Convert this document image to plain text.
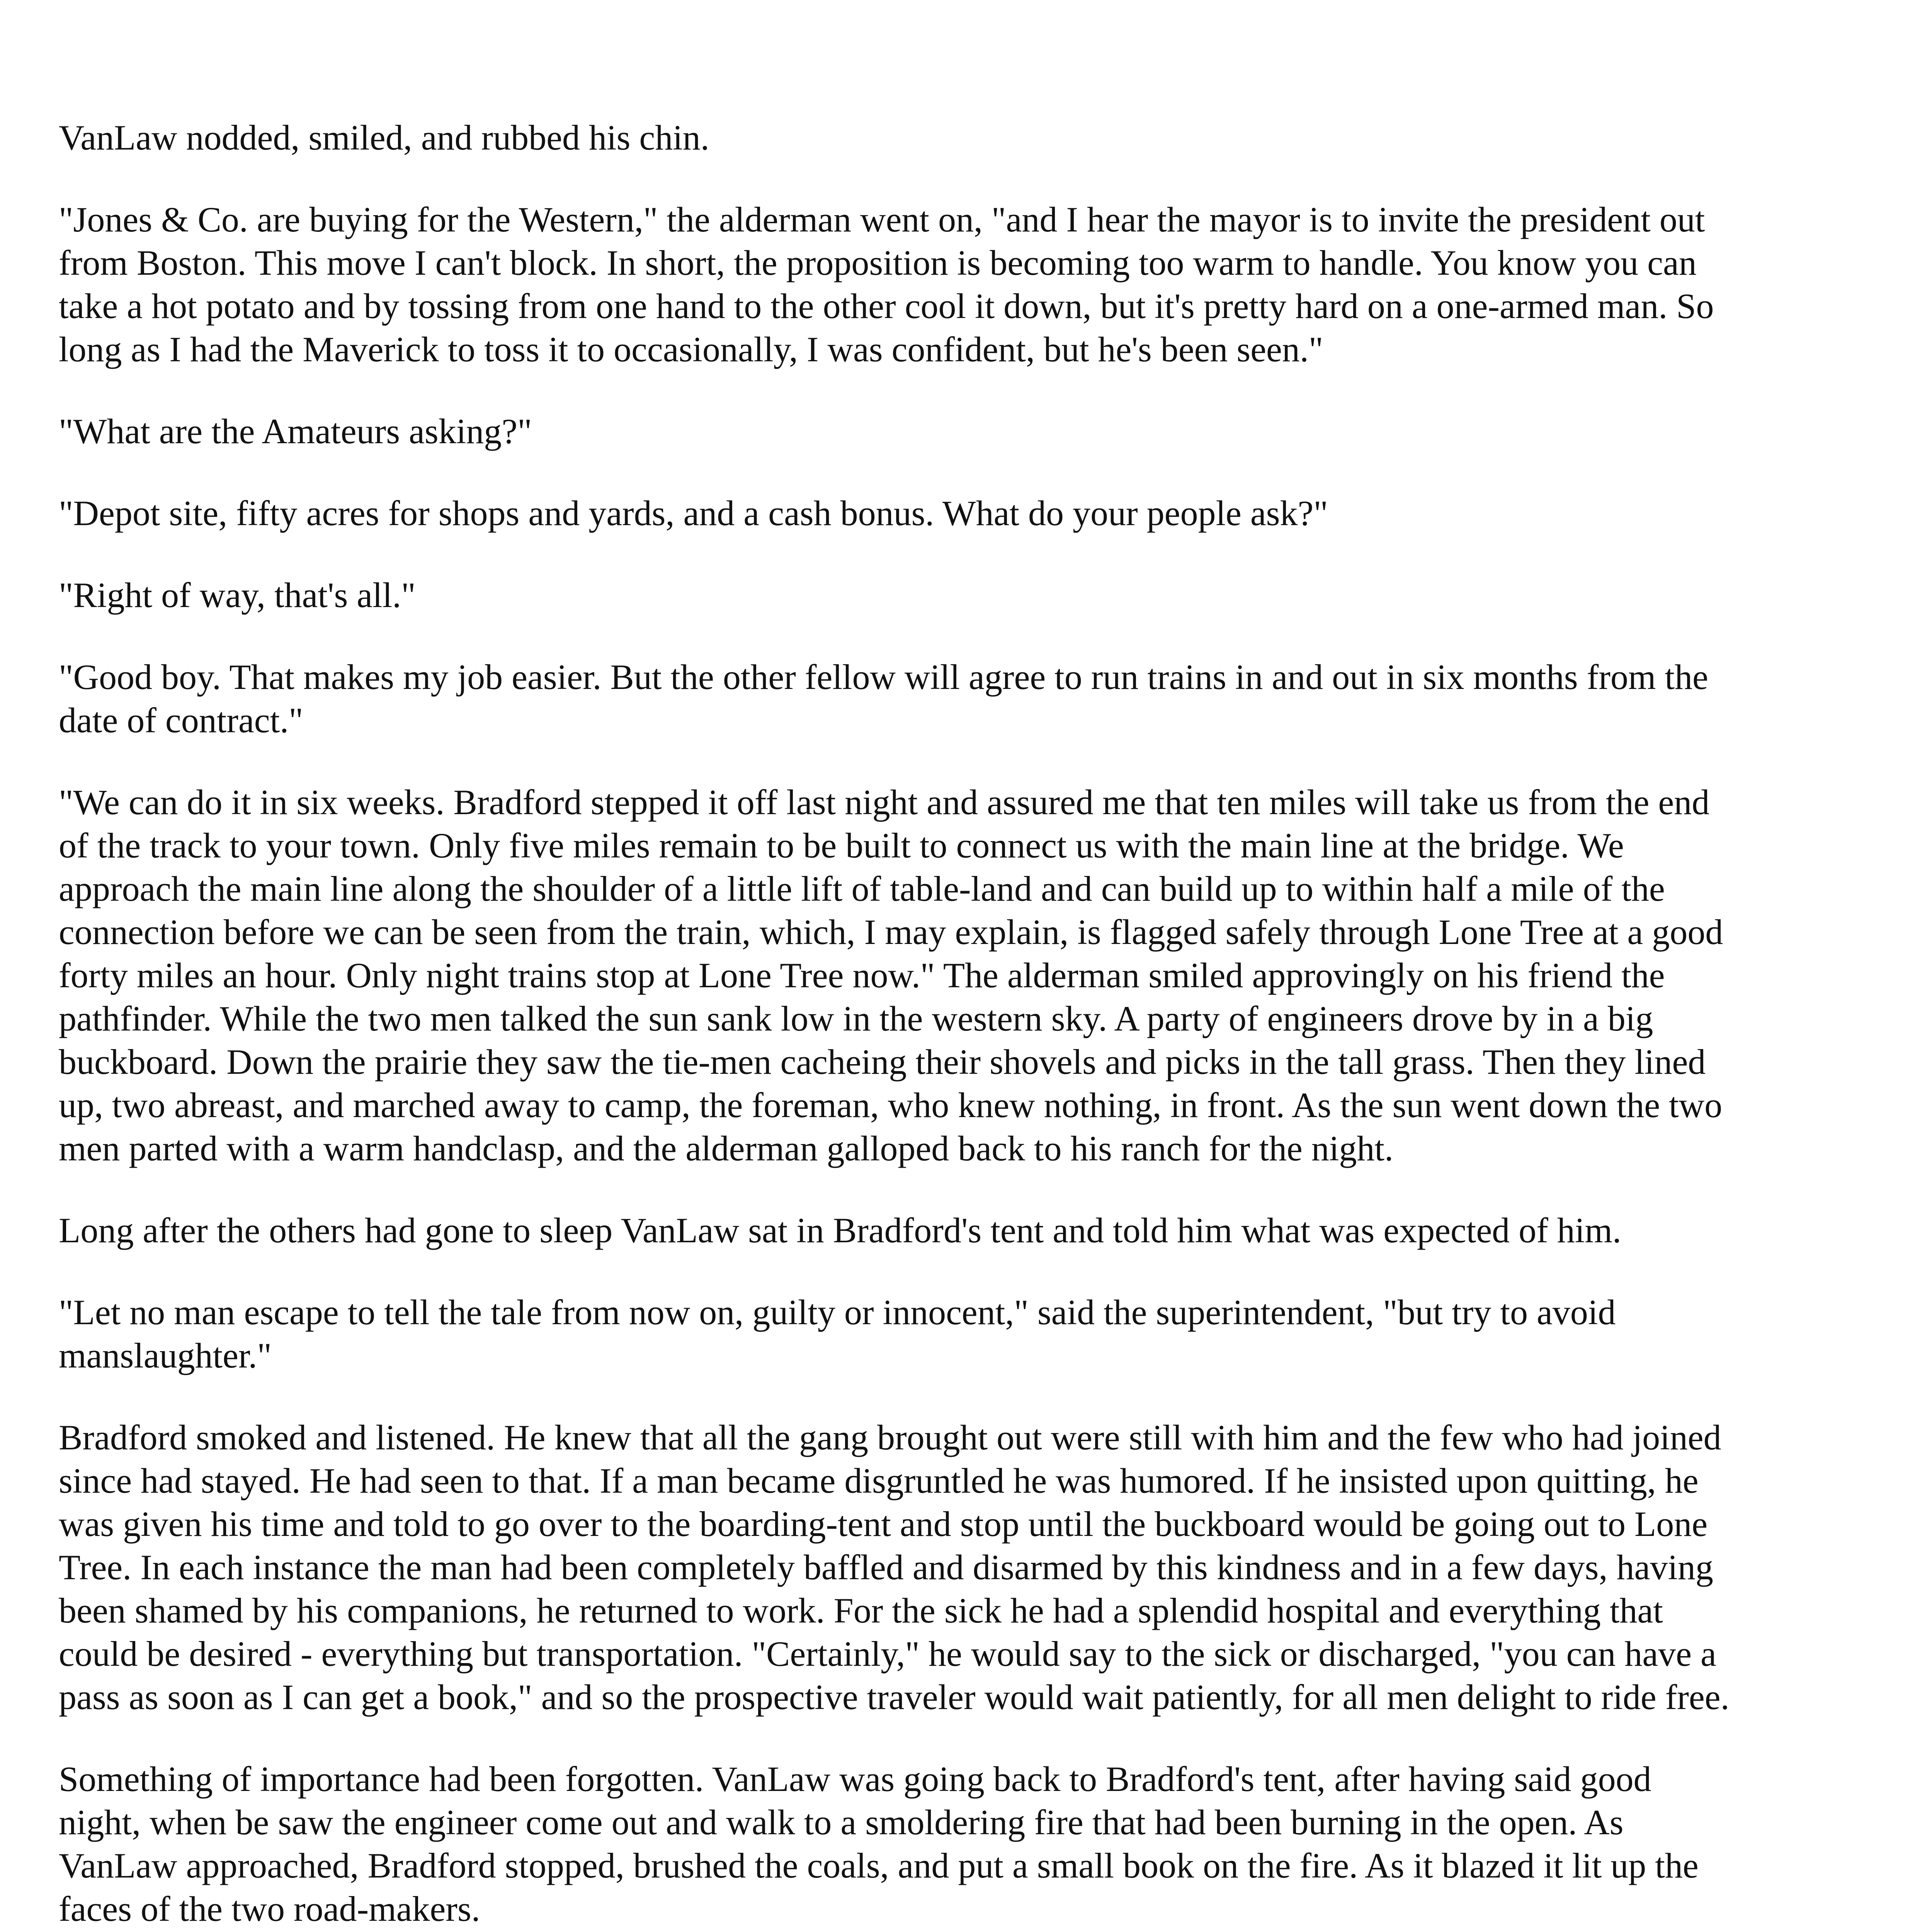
VanLaw nodded, smiled, and rubbed his chin.

"Jones & Co. are buying for the Western," the alderman went on, "and I hear the mayor is to invite the president out from Boston. This move I can't block. In short, the proposition is becoming too warm to handle. You know you can take a hot potato and by tossing from one hand to the other cool it down, but it's pretty hard on a one-armed man. So long as I had the Maverick to toss it to occasionally, I was confident, but he's been seen."

"What are the Amateurs asking?"

"Depot site, fifty acres for shops and yards, and a cash bonus. What do your people ask?"

"Right of way, that's all."

"Good boy. That makes my job easier. But the other fellow will agree to run trains in and out in six months from the date of contract."

"We can do it in six weeks. Bradford stepped it off last night and assured me that ten miles will take us from the end of the track to your town. Only five miles remain to be built to connect us with the main line at the bridge. We approach the main line along the shoulder of a little lift of table-land and can build up to within half a mile of the connection before we can be seen from the train, which, I may explain, is flagged safely through Lone Tree at a good forty miles an hour. Only night trains stop at Lone Tree now." The alderman smiled approvingly on his friend the pathfinder. While the two men talked the sun sank low in the western sky. A party of engineers drove by in a big buckboard. Down the prairie they saw the tie-men cacheing their shovels and picks in the tall grass. Then they lined up, two abreast, and marched away to camp, the foreman, who knew nothing, in front. As the sun went down the two men parted with a warm handclasp, and the alderman galloped back to his ranch for the night.

Long after the others had gone to sleep VanLaw sat in Bradford's tent and told him what was expected of him.

"Let no man escape to tell the tale from now on, guilty or innocent," said the superintendent, "but try to avoid manslaughter."

Bradford smoked and listened. He knew that all the gang brought out were still with him and the few who had joined since had stayed. He had seen to that. If a man became disgruntled he was humored. If he insisted upon quitting, he was given his time and told to go over to the boarding-tent and stop until the buckboard would be going out to Lone Tree. In each instance the man had been completely baffled and disarmed by this kindness and in a few days, having been shamed by his companions, he returned to work. For the sick he had a splendid hospital and everything that could be desired - everything but transportation. "Certainly," he would say to the sick or discharged, "you can have a pass as soon as I can get a book," and so the prospective traveler would wait patiently, for all men delight to ride free.

Something of importance had been forgotten. VanLaw was going back to Bradford's tent, after having said good night, when be saw the engineer come out and walk to a smoldering fire that had been burning in the open. As VanLaw approached, Bradford stopped, brushed the coals, and put a small book on the fire. As it blazed it lit up the faces of the two road-makers.
